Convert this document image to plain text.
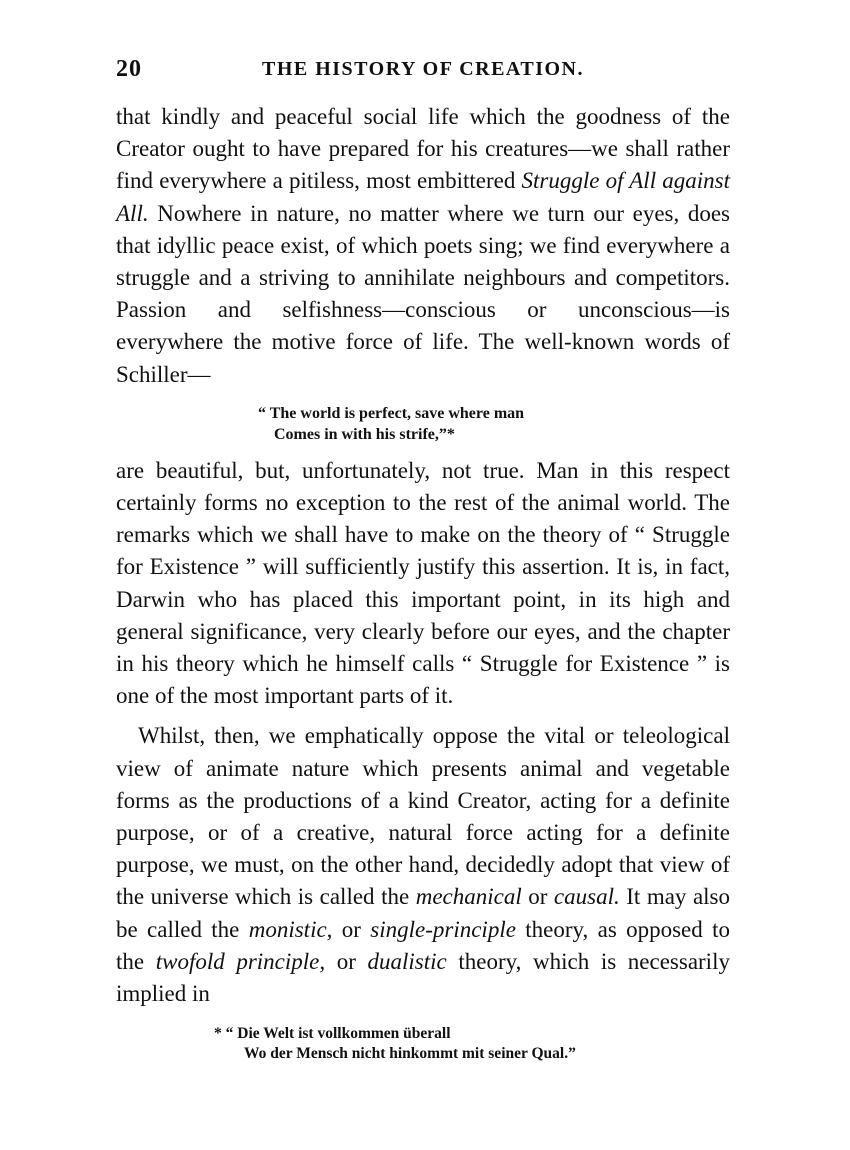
20	THE HISTORY OF CREATION.

that kindly and peaceful social life which the goodness of the Creator ought to have prepared for his creatures—we shall rather find everywhere a pitiless, most embittered Struggle of All against All. Nowhere in nature, no matter where we turn our eyes, does that idyllic peace exist, of which poets sing; we find everywhere a struggle and a striving to annihilate neighbours and competitors. Passion and selfishness—conscious or unconscious—is everywhere the motive force of life. The well-known words of Schiller—

“ The world is perfect, save where man
Comes in with his strife,”*

are beautiful, but, unfortunately, not true. Man in this respect certainly forms no exception to the rest of the animal world. The remarks which we shall have to make on the theory of “ Struggle for Existence ” will sufficiently justify this assertion. It is, in fact, Darwin who has placed this important point, in its high and general significance, very clearly before our eyes, and the chapter in his theory which he himself calls “ Struggle for Existence ” is one of the most important parts of it.

Whilst, then, we emphatically oppose the vital or teleological view of animate nature which presents animal and vegetable forms as the productions of a kind Creator, acting for a definite purpose, or of a creative, natural force acting for a definite purpose, we must, on the other hand, decidedly adopt that view of the universe which is called the mechanical or causal. It may also be called the monistic, or single-principle theory, as opposed to the twofold principle, or dualistic theory, which is necessarily implied in

* “ Die Welt ist vollkommen überall
Wo der Mensch nicht hinkommt mit seiner Qual.”
